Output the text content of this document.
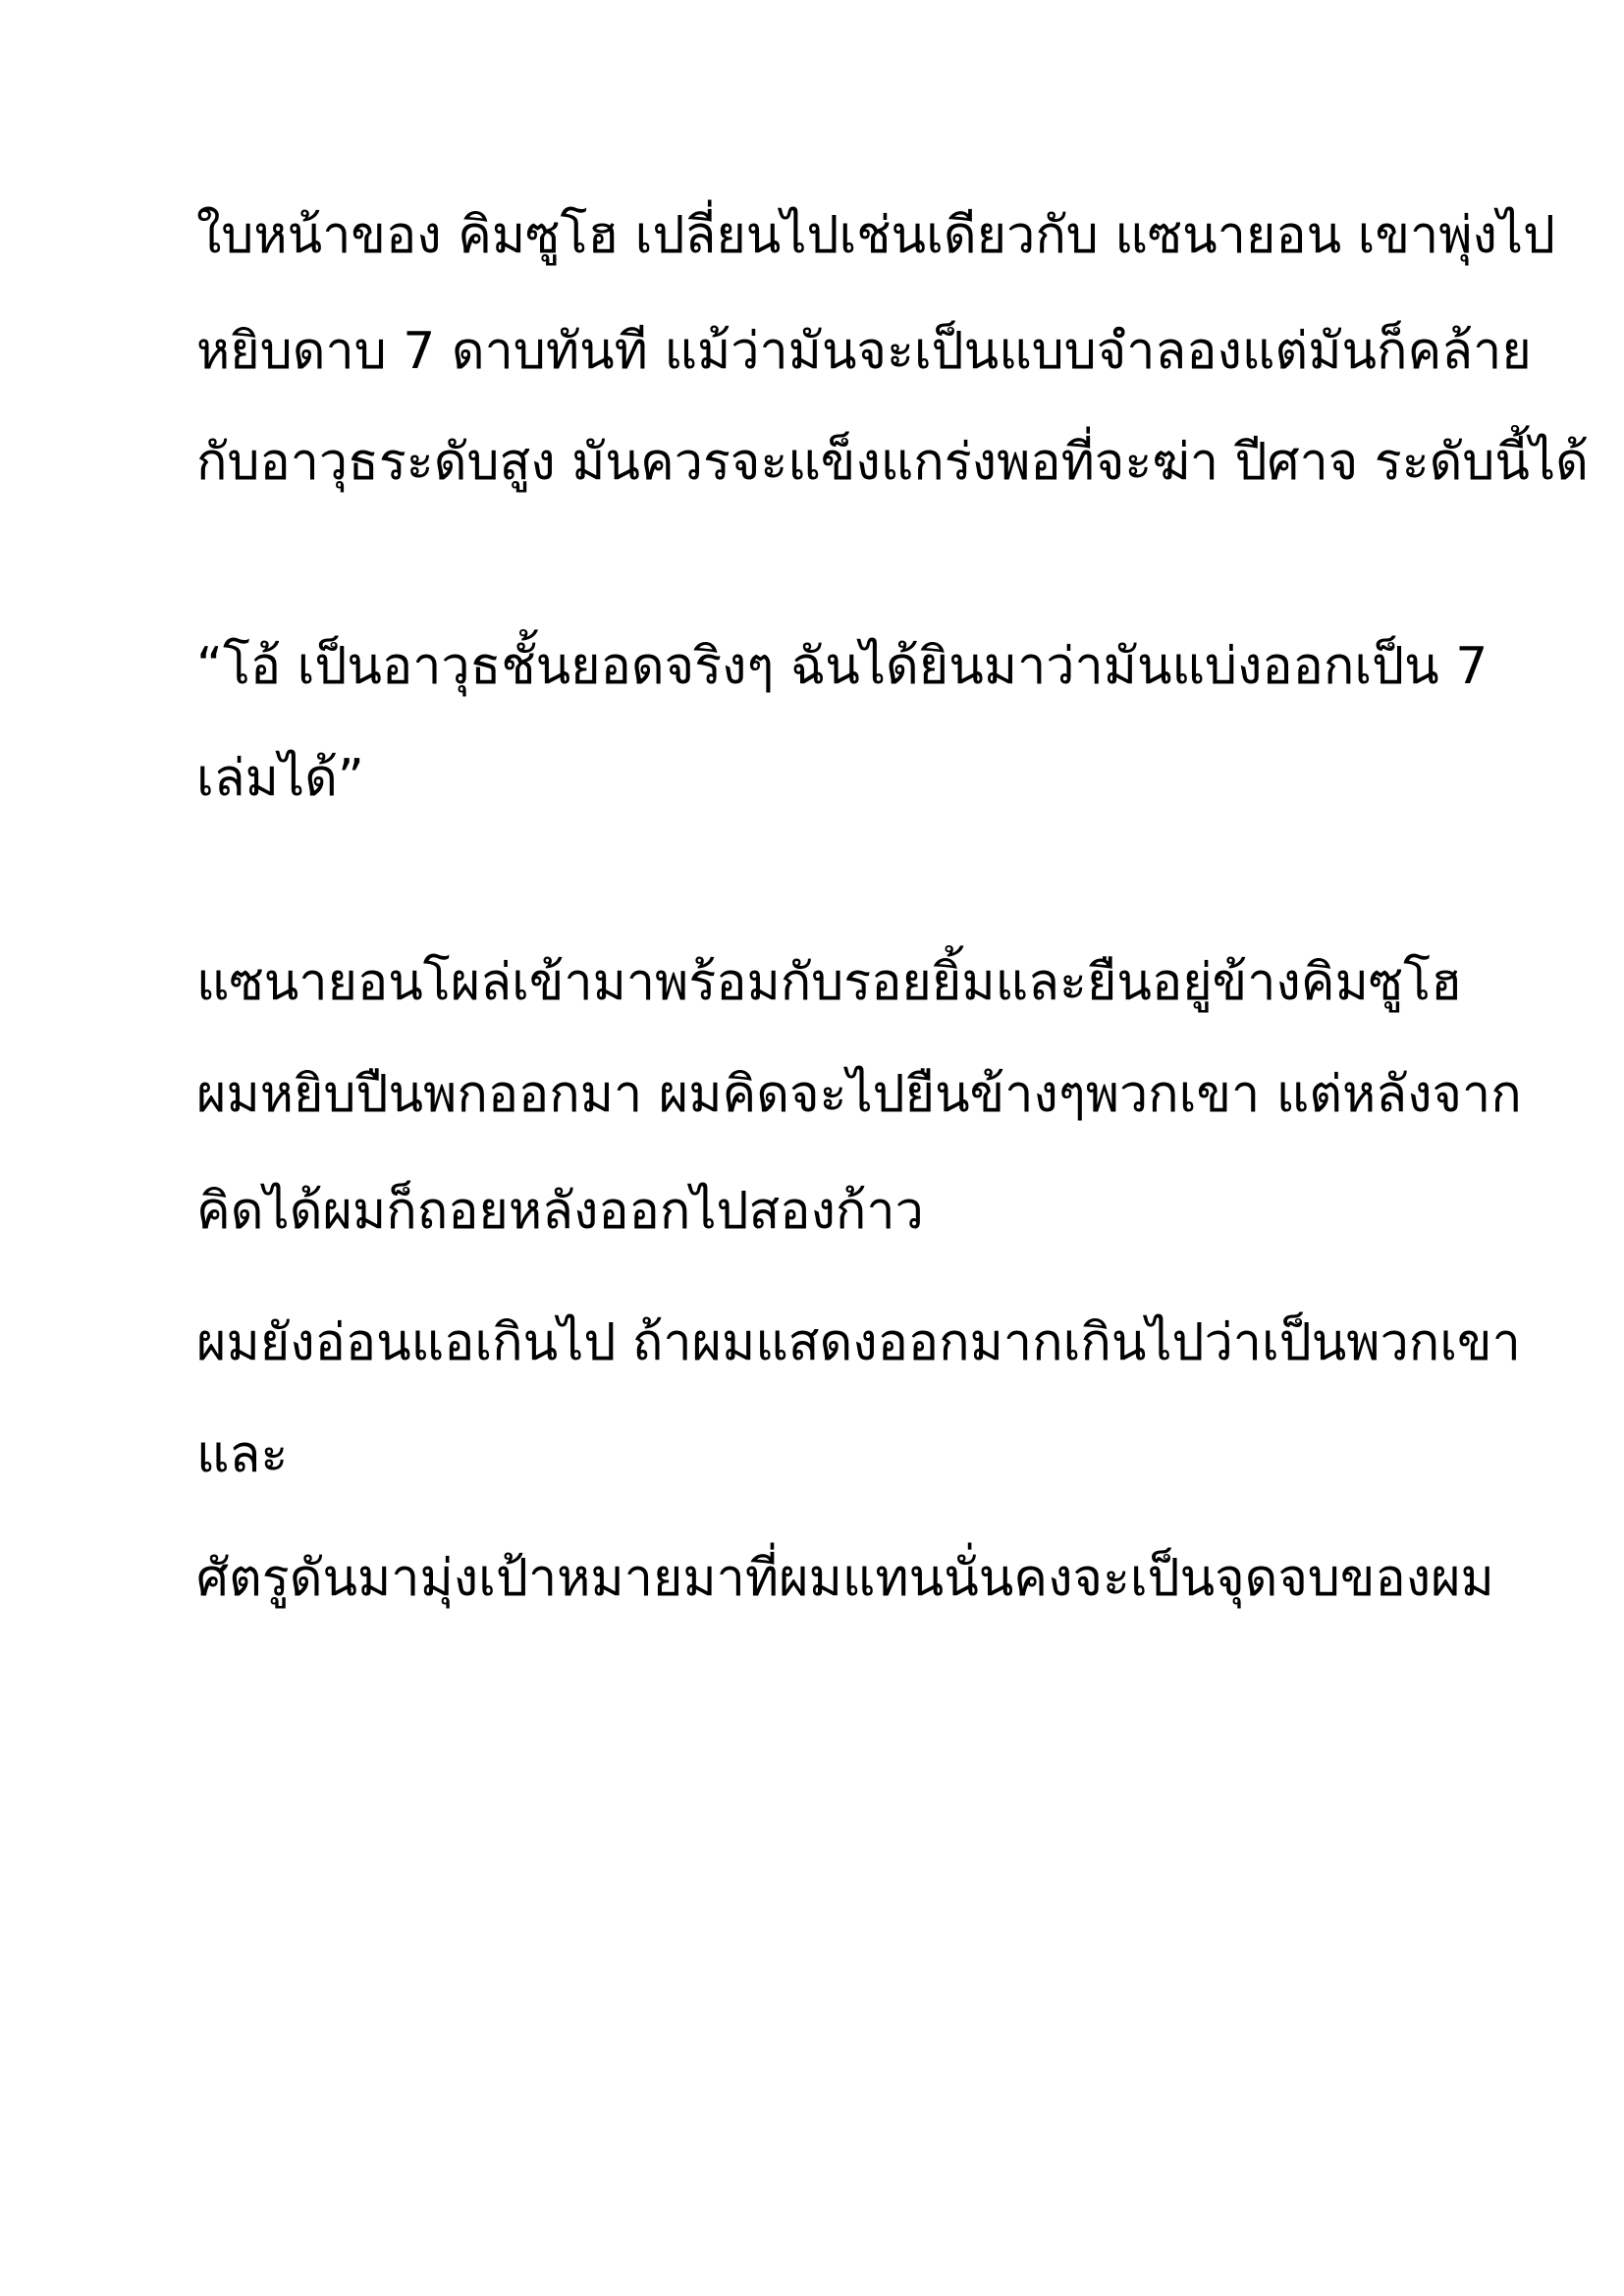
ใบหน้าของ คิมซูโฮ เปลี่ยนไปเช่นเดียวกับ แซนายอน เขาพุ่งไป
หยิบดาบ 7 ดาบทันที แม้ว่ามันจะเป็นแบบจำลองแต่มันก็คล้าย
กับอาวุธระดับสูง มันควรจะแข็งแกร่งพอที่จะฆ่า ปีศาจ ระดับนี้ได้
“โอ้ เป็นอาวุธชั้นยอดจริงๆ ฉันได้ยินมาว่ามันแบ่งออกเป็น 7
เล่มได้”
แซนายอนโผล่เข้ามาพร้อมกับรอยยิ้มและยืนอยู่ข้างคิมซูโฮ
ผมหยิบปืนพกออกมา ผมคิดจะไปยืนข้างๆพวกเขา แต่หลังจาก
คิดได้ผมก็ถอยหลังออกไปสองก้าว
ผมยังอ่อนแอเกินไป ถ้าผมแสดงออกมากเกินไปว่าเป็นพวกเขา
และ
ศัตรูดันมามุ่งเป้าหมายมาที่ผมแทนนั่นคงจะเป็นจุดจบของผม
